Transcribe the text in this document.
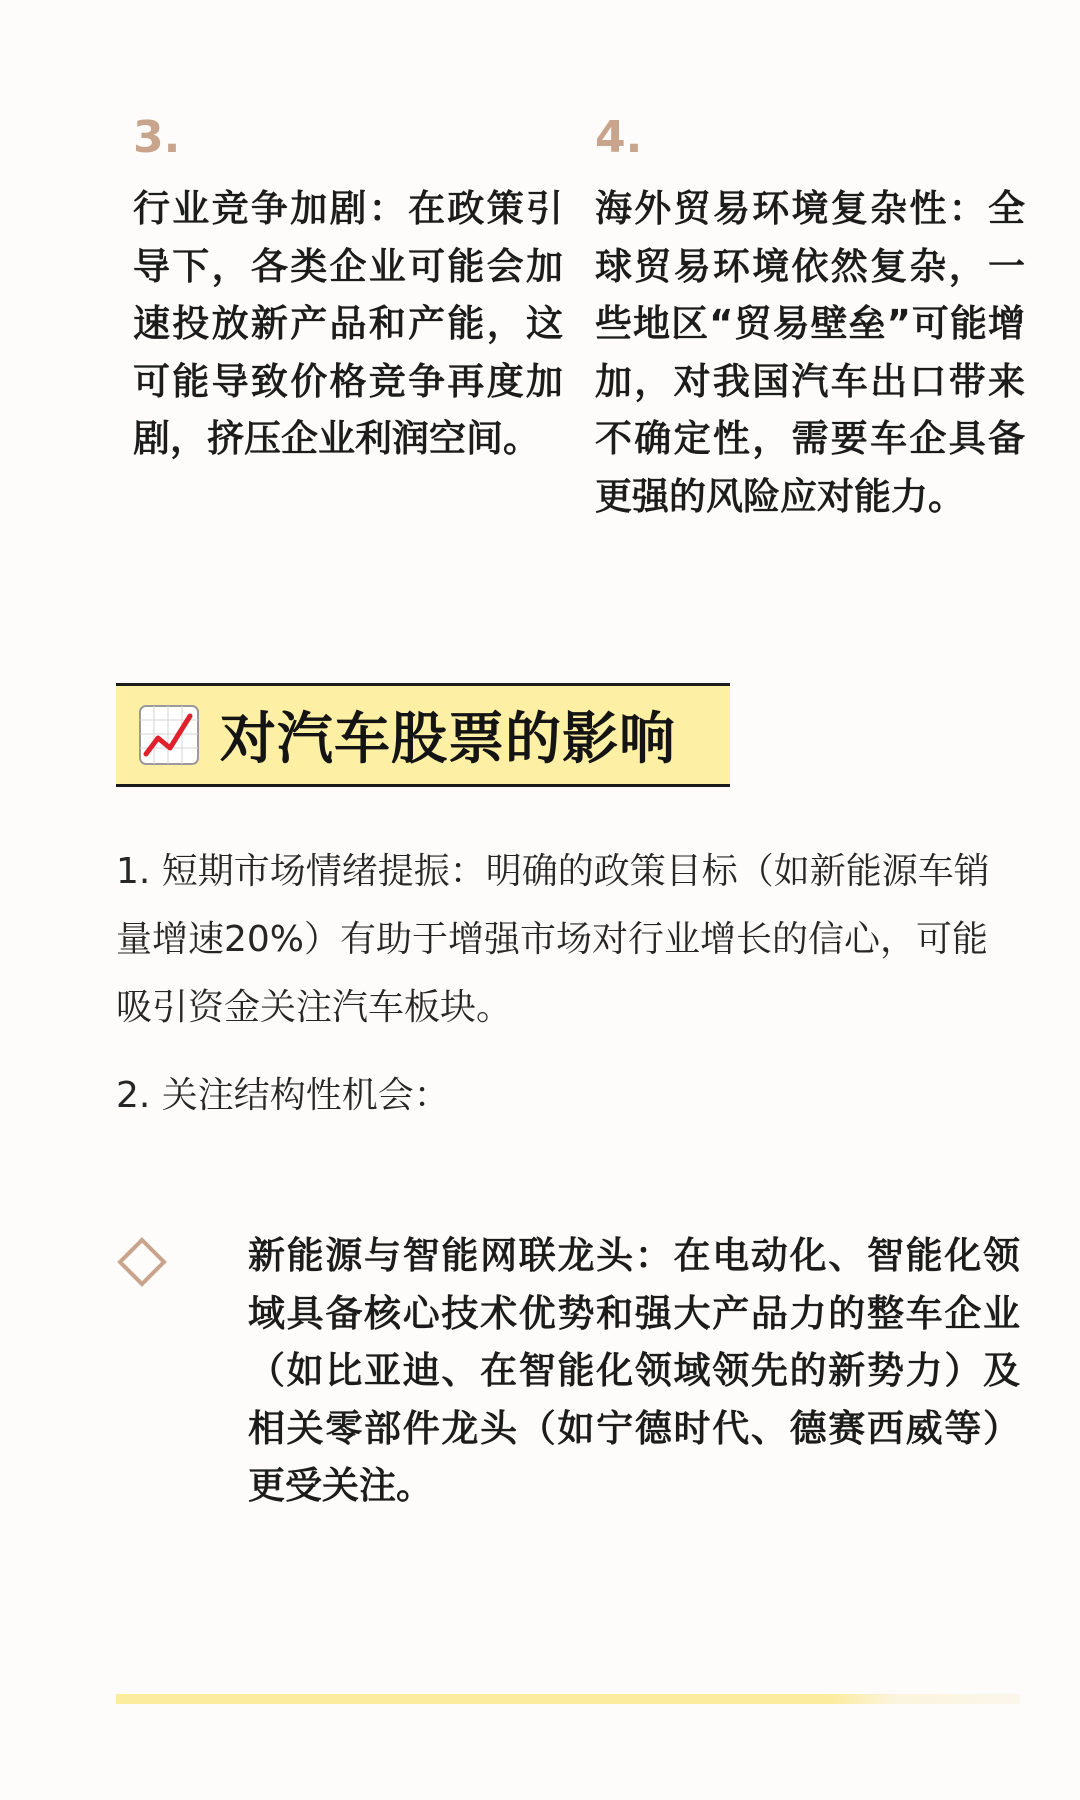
3.

行业竞争加剧：在政策引导下，各类企业可能会加速投放新产品和产能，这可能导致价格竞争再度加剧，挤压企业利润空间。

4.

海外贸易环境复杂性：全球贸易环境依然复杂，一些地区“贸易壁垒”可能增加，对我国汽车出口带来不确定性，需要车企具备更强的风险应对能力。

对汽车股票的影响

1. 短期市场情绪提振：明确的政策目标（如新能源车销量增速20%）有助于增强市场对行业增长的信心，可能吸引资金关注汽车板块。

2. 关注结构性机会：

新能源与智能网联龙头：在电动化、智能化领域具备核心技术优势和强大产品力的整车企业（如比亚迪、在智能化领域领先的新势力）及相关零部件龙头（如宁德时代、德赛西威等）更受关注。
